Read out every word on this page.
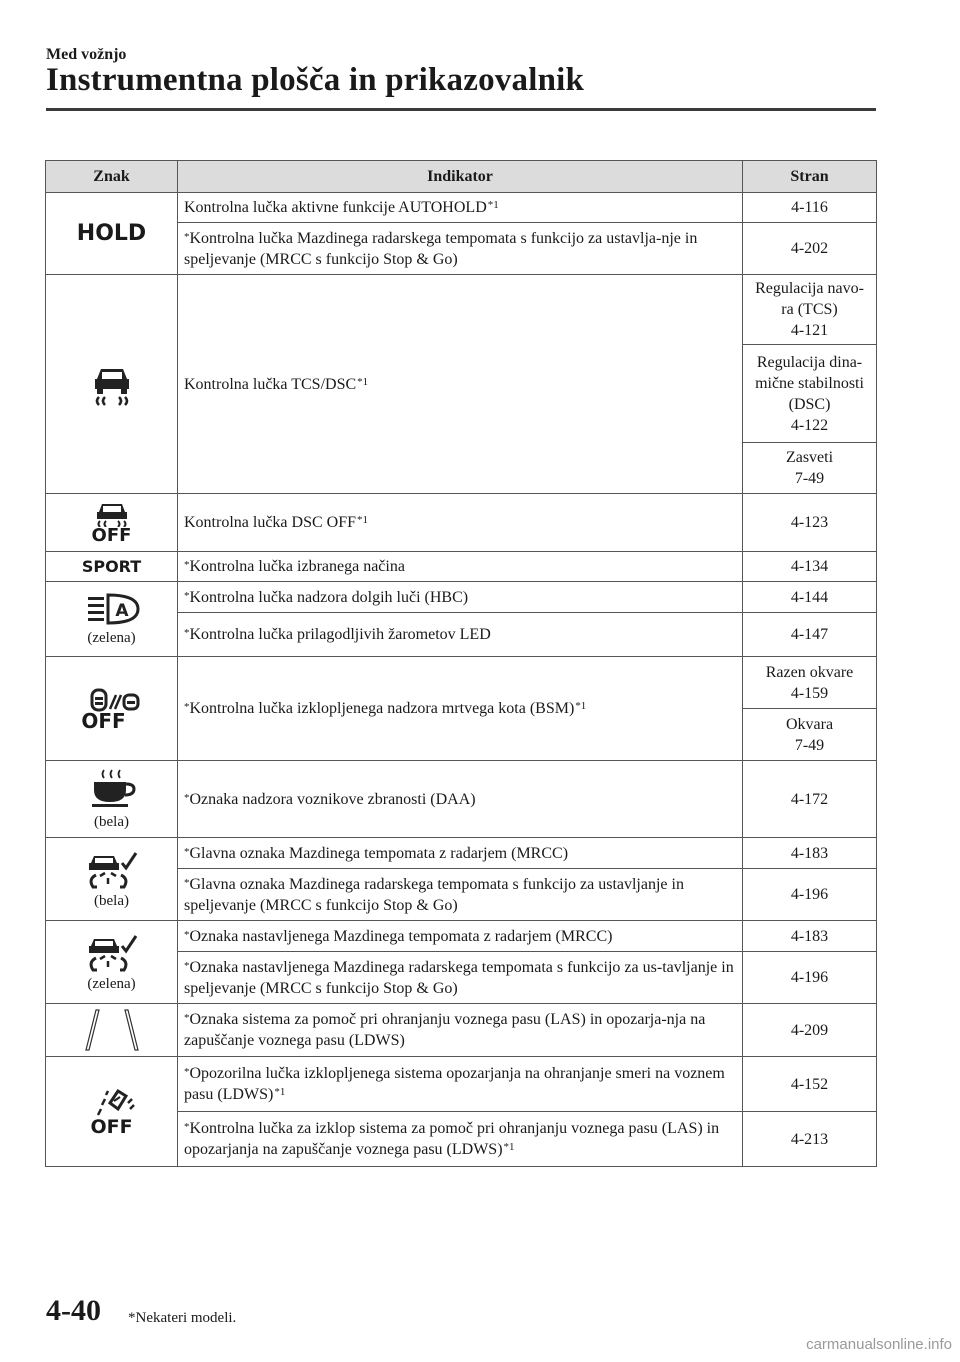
Med vožnjo
Instrumentna plošča in prikazovalnik
Znak	Indikator	Stran
HOLD	Kontrolna lučka aktivne funkcije AUTOHOLD$^{*1}$	4-116
	*Kontrolna lučka Mazdinega radarskega tempomata s funkcijo za ustavlja-nje in speljevanje (MRCC s funkcijo Stop & Go)	4-202

	Kontrolna lučka TCS/DSC$^{*1}$	Regulacija navo-
ra (TCS)
4-121
		Regulacija dina-
mične stabilnosti
(DSC)
4-122
		Zasveti
7-49

OFF	Kontrolna lučka DSC OFF$^{*1}$	4-123
SPORT	*Kontrolna lučka izbranega načina	4-134

A
(zelena)	*Kontrolna lučka nadzora dolgih luči (HBC)	4-144
	*Kontrolna lučka prilagodljivih žarometov LED	4-147

OFF	*Kontrolna lučka izklopljenega nadzora mrtvega kota (BSM)$^{*1}$	Razen okvare
4-159
		Okvara
7-49

(bela)	*Oznaka nadzora voznikove zbranosti (DAA)	4-172

(bela)	*Glavna oznaka Mazdinega tempomata z radarjem (MRCC)	4-183
	*Glavna oznaka Mazdinega radarskega tempomata s funkcijo za ustavljanje in speljevanje (MRCC s funkcijo Stop & Go)	4-196

(zelena)	*Oznaka nastavljenega Mazdinega tempomata z radarjem (MRCC)	4-183
	*Oznaka nastavljenega Mazdinega radarskega tempomata s funkcijo za us-tavljanje in speljevanje (MRCC s funkcijo Stop & Go)	4-196

	*Oznaka sistema za pomoč pri ohranjanju voznega pasu (LAS) in opozarja-nja na zapuščanje voznega pasu (LDWS)	4-209

OFF	*Opozorilna lučka izklopljenega sistema opozarjanja na ohranjanje smeri na voznem pasu (LDWS)$^{*1}$	4-152
	*Kontrolna lučka za izklop sistema za pomoč pri ohranjanju voznega pasu (LAS) in opozarjanja na zapuščanje voznega pasu (LDWS)$^{*1}$	4-213
4-40 *Nekateri modeli.
carmanualsonline.info
